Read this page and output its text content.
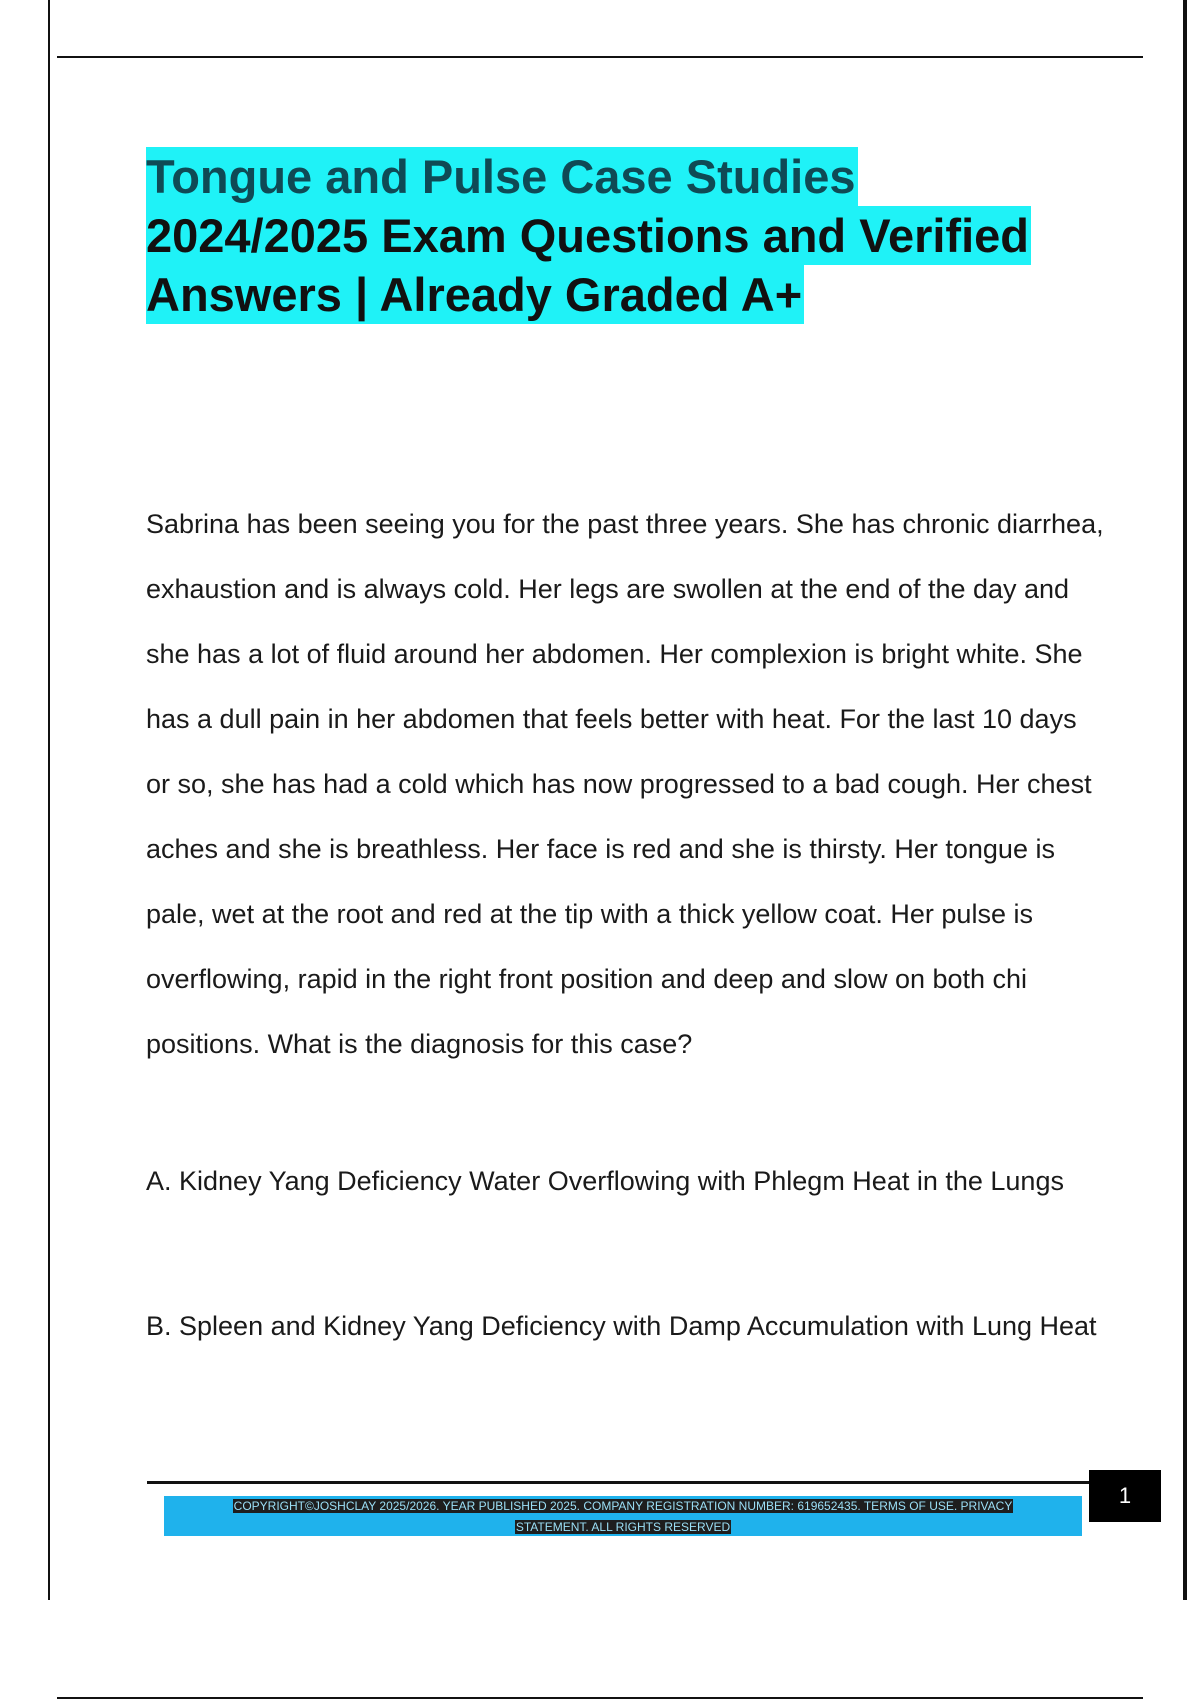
Tongue and Pulse Case Studies
2024/2025 Exam Questions and Verified
Answers | Already Graded A+
Sabrina has been seeing you for the past three years. She has chronic diarrhea, exhaustion and is always cold. Her legs are swollen at the end of the day and she has a lot of fluid around her abdomen. Her complexion is bright white. She has a dull pain in her abdomen that feels better with heat. For the last 10 days or so, she has had a cold which has now progressed to a bad cough. Her chest aches and she is breathless. Her face is red and she is thirsty. Her tongue is pale, wet at the root and red at the tip with a thick yellow coat. Her pulse is overflowing, rapid in the right front position and deep and slow on both chi positions. What is the diagnosis for this case?
A. Kidney Yang Deficiency Water Overflowing with Phlegm Heat in the Lungs
B. Spleen and Kidney Yang Deficiency with Damp Accumulation with Lung Heat
COPYRIGHT©JOSHCLAY 2025/2026. YEAR PUBLISHED 2025. COMPANY REGISTRATION NUMBER: 619652435. TERMS OF USE. PRIVACY
STATEMENT. ALL RIGHTS RESERVED
1
